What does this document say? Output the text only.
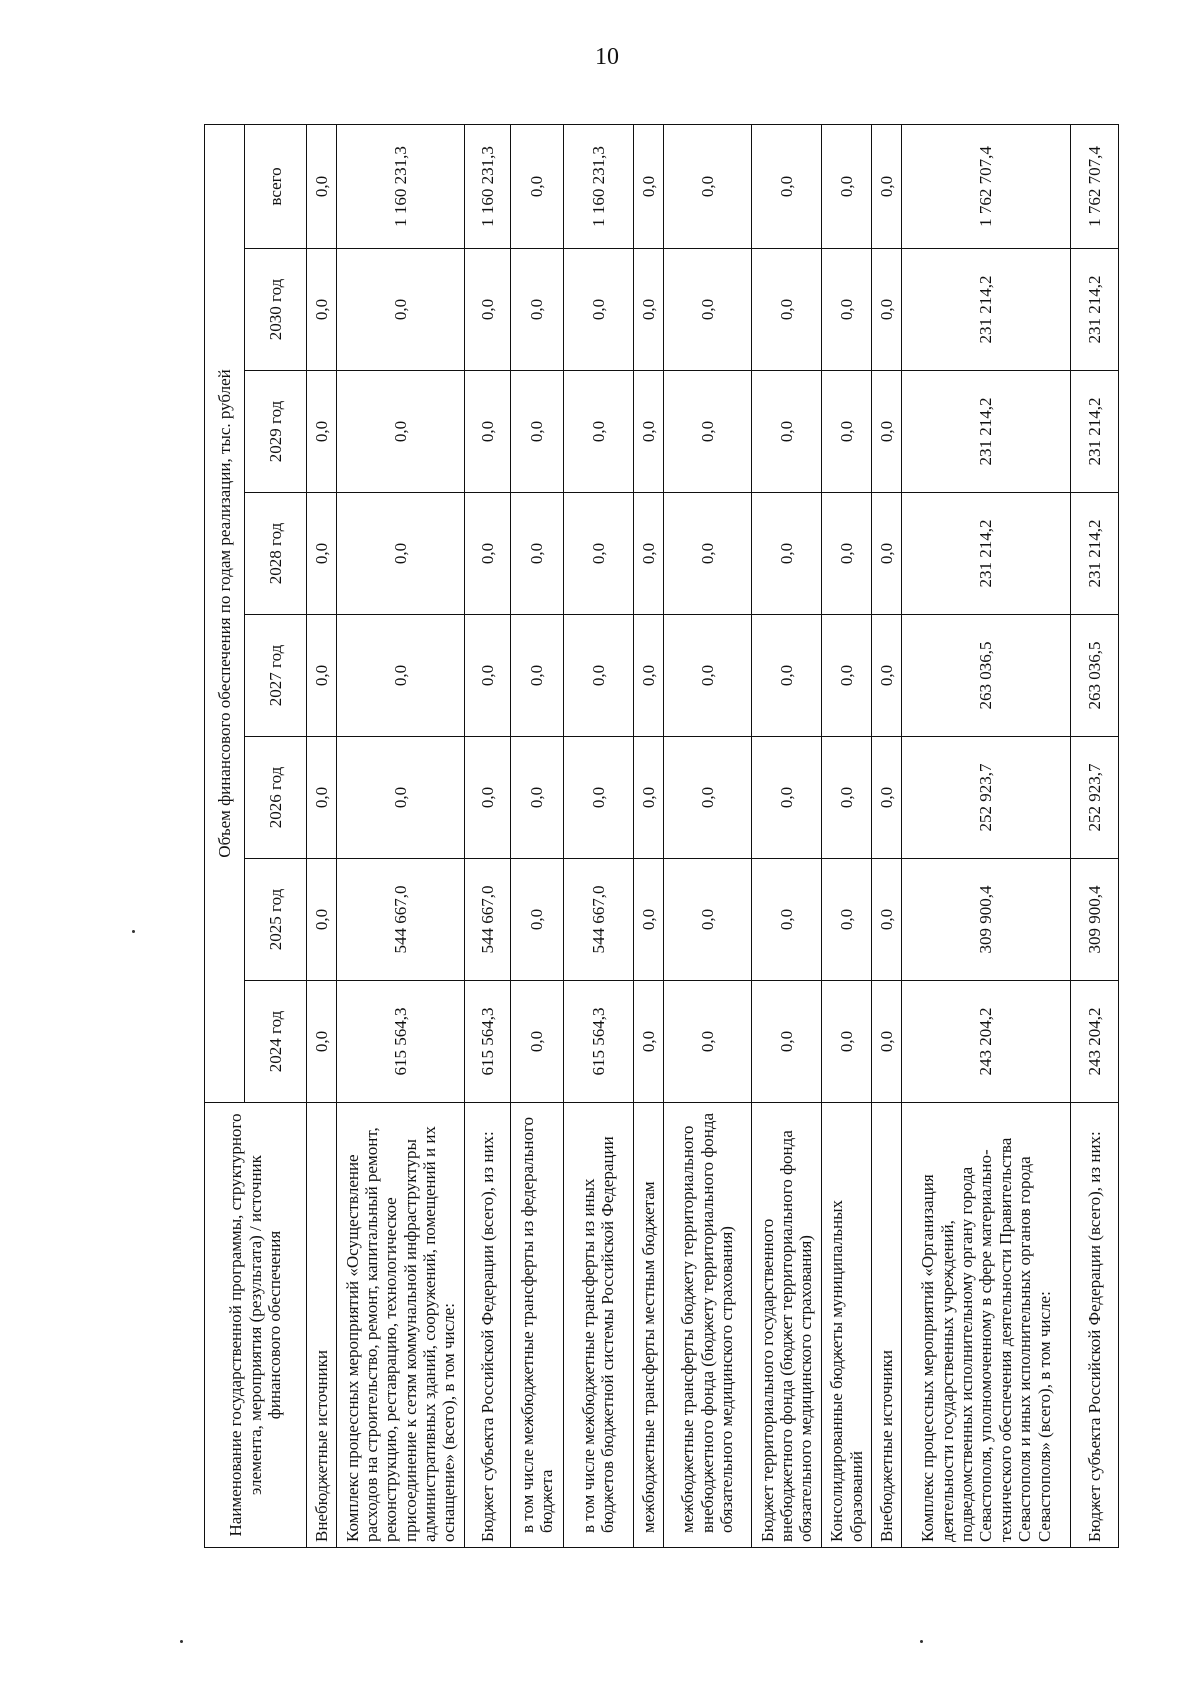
10
Наименование государственной программы, структурного элемента, мероприятия (результата) / источник финансового обеспечения	Объем финансового обеспечения по годам реализации, тыс. рублей							
	2024 год	2025 год	2026 год	2027 год	2028 год	2029 год	2030 год	всего
Внебюджетные источники	0,0	0,0	0,0	0,0	0,0	0,0	0,0	0,0
Комплекс процессных мероприятий «Осуществление расходов на строительство, ремонт, капитальный ремонт, реконструкцию, реставрацию, технологическое присоединение к сетям коммунальной инфраструктуры административных зданий, сооружений, помещений и их оснащение» (всего), в том числе:	615 564,3	544 667,0	0,0	0,0	0,0	0,0	0,0	1 160 231,3
Бюджет субъекта Российской Федерации (всего), из них:	615 564,3	544 667,0	0,0	0,0	0,0	0,0	0,0	1 160 231,3
в том числе межбюджетные трансферты из федерального бюджета	0,0	0,0	0,0	0,0	0,0	0,0	0,0	0,0
в том числе межбюджетные трансферты из иных бюджетов бюджетной системы Российской Федерации	615 564,3	544 667,0	0,0	0,0	0,0	0,0	0,0	1 160 231,3
межбюджетные трансферты местным бюджетам	0,0	0,0	0,0	0,0	0,0	0,0	0,0	0,0
межбюджетные трансферты бюджету территориального внебюджетного фонда (бюджету территориального фонда обязательного медицинского страхования)	0,0	0,0	0,0	0,0	0,0	0,0	0,0	0,0
Бюджет территориального государственного внебюджетного фонда (бюджет территориального фонда обязательного медицинского страхования)	0,0	0,0	0,0	0,0	0,0	0,0	0,0	0,0
Консолидированные бюджеты муниципальных образований	0,0	0,0	0,0	0,0	0,0	0,0	0,0	0,0
Внебюджетные источники	0,0	0,0	0,0	0,0	0,0	0,0	0,0	0,0
Комплекс процессных мероприятий «Организация деятельности государственных учреждений, подведомственных исполнительному органу города Севастополя, уполномоченному в сфере материально-технического обеспечения деятельности Правительства Севастополя и иных исполнительных органов города Севастополя» (всего), в том числе:	243 204,2	309 900,4	252 923,7	263 036,5	231 214,2	231 214,2	231 214,2	1 762 707,4
Бюджет субъекта Российской Федерации (всего), из них:	243 204,2	309 900,4	252 923,7	263 036,5	231 214,2	231 214,2	231 214,2	1 762 707,4
